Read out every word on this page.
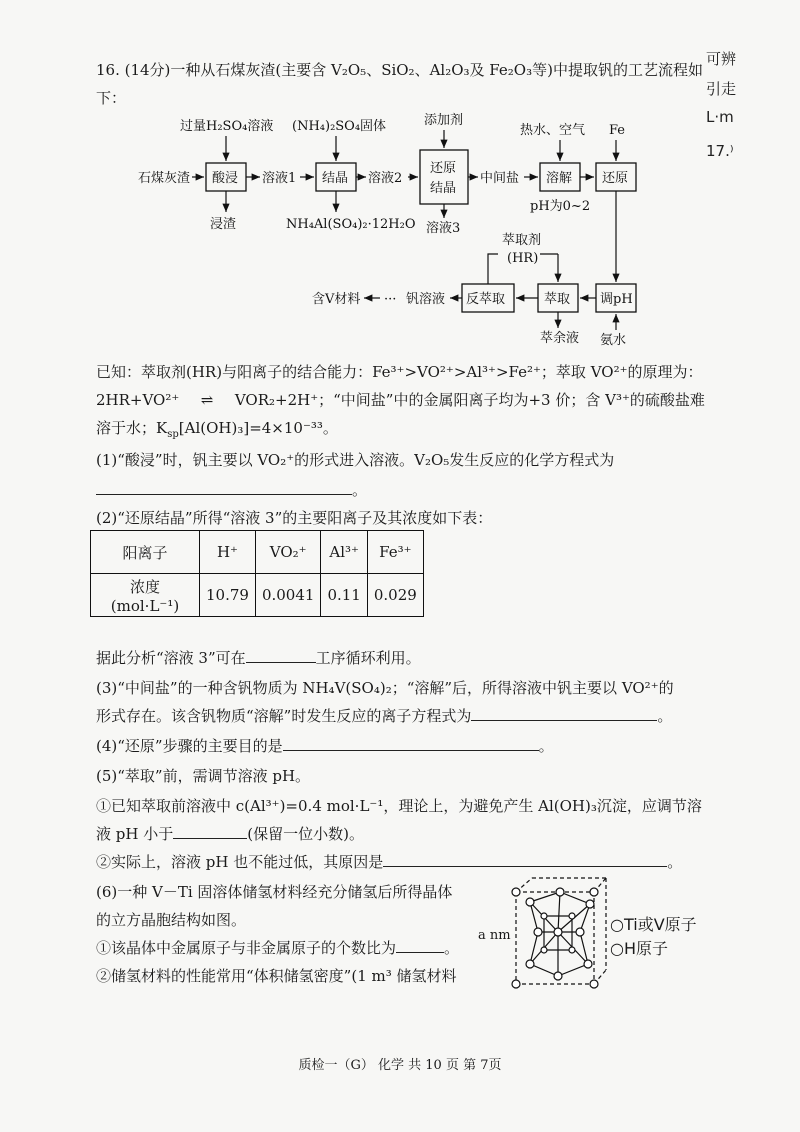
可辨
引走
L·m
17.⁾
16. (14分)一种从石煤灰渣(主要含 V₂O₅、SiO₂、Al₂O₃及 Fe₂O₃等)中提取钒的工艺流程如
下：
石煤灰渣 酸浸
过量H₂SO₄溶液
浸渣
溶液1 结晶
(NH₄)₂SO₄固体
NH₄Al(SO₄)₂·12H₂O
溶液2
添加剂
还原
结晶
溶液3
中间盐
热水、空气
溶解
pH为0~2
Fe
还原
调pH
氨水
萃取
萃余液
萃取剂
(HR)
反萃取
钒溶液
···
含V材料
已知：萃取剂(HR)与阳离子的结合能力：Fe³⁺>VO²⁺>Al³⁺>Fe²⁺；萃取 VO²⁺的原理为：
2HR+VO²⁺ ⇌ VOR₂+2H⁺；“中间盐”中的金属阳离子均为+3 价；含 V³⁺的硫酸盐难
溶于水；$K_{sp}[Al(OH)_3]=4\times 10^{-33}$。
(1)“酸浸”时，钒主要以 VO₂⁺的形式进入溶液。V₂O₅发生反应的化学方程式为
。
(2)“还原结晶”所得“溶液 3”的主要阳离子及其浓度如下表：
阳离子	H⁺	VO₂⁺	Al³⁺	Fe³⁺
浓度(mol·L⁻¹)	10.79	0.0041	0.11	0.029
据此分析“溶液 3”可在	工序循环利用。
(3)“中间盐”的一种含钒物质为 NH₄V(SO₄)₂；“溶解”后，所得溶液中钒主要以 VO²⁺的
形式存在。该含钒物质“溶解”时发生反应的离子方程式为	。
(4)“还原”步骤的主要目的是	。
(5)“萃取”前，需调节溶液 pH。
①已知萃取前溶液中 c(Al³⁺)=0.4 mol·L⁻¹，理论上，为避免产生 Al(OH)₃沉淀，应调节溶
液 pH 小于	(保留一位小数)。
②实际上，溶液 pH 也不能过低，其原因是	。
(6)一种 V－Ti 固溶体储氢材料经充分储氢后所得晶体
的立方晶胞结构如图。
①该晶体中金属原子与非金属原子的个数比为	。
②储氢材料的性能常用“体积储氢密度”(1 m³ 储氢材料
a nm
○Ti或V原子
○H原子
质检一（G） 化学 共 10 页 第 7页
